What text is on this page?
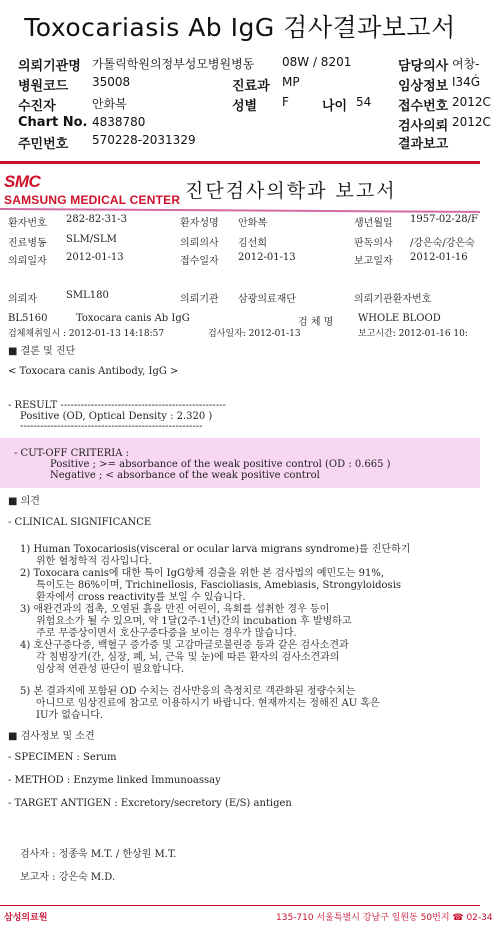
Toxocariasis Ab IgG 검사결과보고서
의뢰기관명 가톨릭학원의정부성모병원병동 08W / 8201	담당의사 여창-
병원코드 35008	진료과 MP	임상정보 I34Ǵ
수진자	안화복	성별 F	나이 54 접수번호 2012C
Chart No. 4838780	검사의뢰 2012C
주민번호 570228-2031329	결과보고
SMC
SAMSUNG MEDICAL CENTER 진단검사의학과 보고서
환자번호 282-82-31-3	환자성명 안화복	생년월일 1957-02-28/F
진료병동 SLM/SLM	의뢰의사 김선희	판독의사 /강은숙/강은숙
의뢰일자 2012-01-13	접수일자 2012-01-13	보고일자 2012-01-16
의뢰자	SML180	의뢰기관 삼광의료재단	의뢰기관환자번호
BL5160	Toxocara canis Ab IgG	검 체 명 WHOLE BLOOD
검체채취일시 : 2012-01-13 14:18:57	검사일자: 2012-01-13	보고시간: 2012-01-16 10:
■ 결론 및 진단
< Toxocara canis Antibody, IgG >
- RESULT -------------------------------------------------
Positive (OD, Optical Density : 2.320 )
------------------------------------------------------
- CUT-OFF CRITERIA :
Positive ; >= absorbance of the weak positive control (OD : 0.665 )
Negative ; < absorbance of the weak positive control
■ 의견
- CLINICAL SIGNIFICANCE
1) Human Toxocariosis(visceral or ocular larva migrans syndrome)를 진단하기
위한 혈청학적 검사입니다.
2) Toxocara canis에 대한 특이 IgG항체 검출을 위한 본 검사법의 예민도는 91%,
특이도는 86%이며, Trichinellosis, Fascioliasis, Amebiasis, Strongyloidosis
환자에서 cross reactivity를 보일 수 있습니다.
3) 애완견과의 접촉, 오염된 흙을 만진 어린이, 육회를 섭취한 경우 등이
위험요소가 될 수 있으며, 약 1달(2주-1년)간의 incubation 후 발병하고
주로 무증상이면서 호산구증다증을 보이는 경우가 많습니다.
4) 호산구증다증, 백혈구 증가증 및 고감마글로불린증 등과 같은 검사소견과
각 침범장기(간, 심장, 폐, 뇌, 근육 및 눈)에 따른 환자의 검사소견과의
임상적 연관성 판단이 필요합니다.
5) 본 결과지에 포함된 OD 수치는 검사반응의 측정치로 객관화된 정량수치는
아니므로 임상진료에 참고로 이용하시기 바랍니다. 현재까지는 정해진 AU 혹은
IU가 없습니다.
■ 검사정보 및 소견
- SPECIMEN : Serum
- METHOD : Enzyme linked Immunoassay
- TARGET ANTIGEN : Excretory/secretory (E/S) antigen
검사자 : 정종욱 M.T. / 한상원 M.T.
보고자 : 강은숙 M.D.
삼성의료원	135-710 서울특별시 강남구 일원동 50번지 ☎ 02-34
